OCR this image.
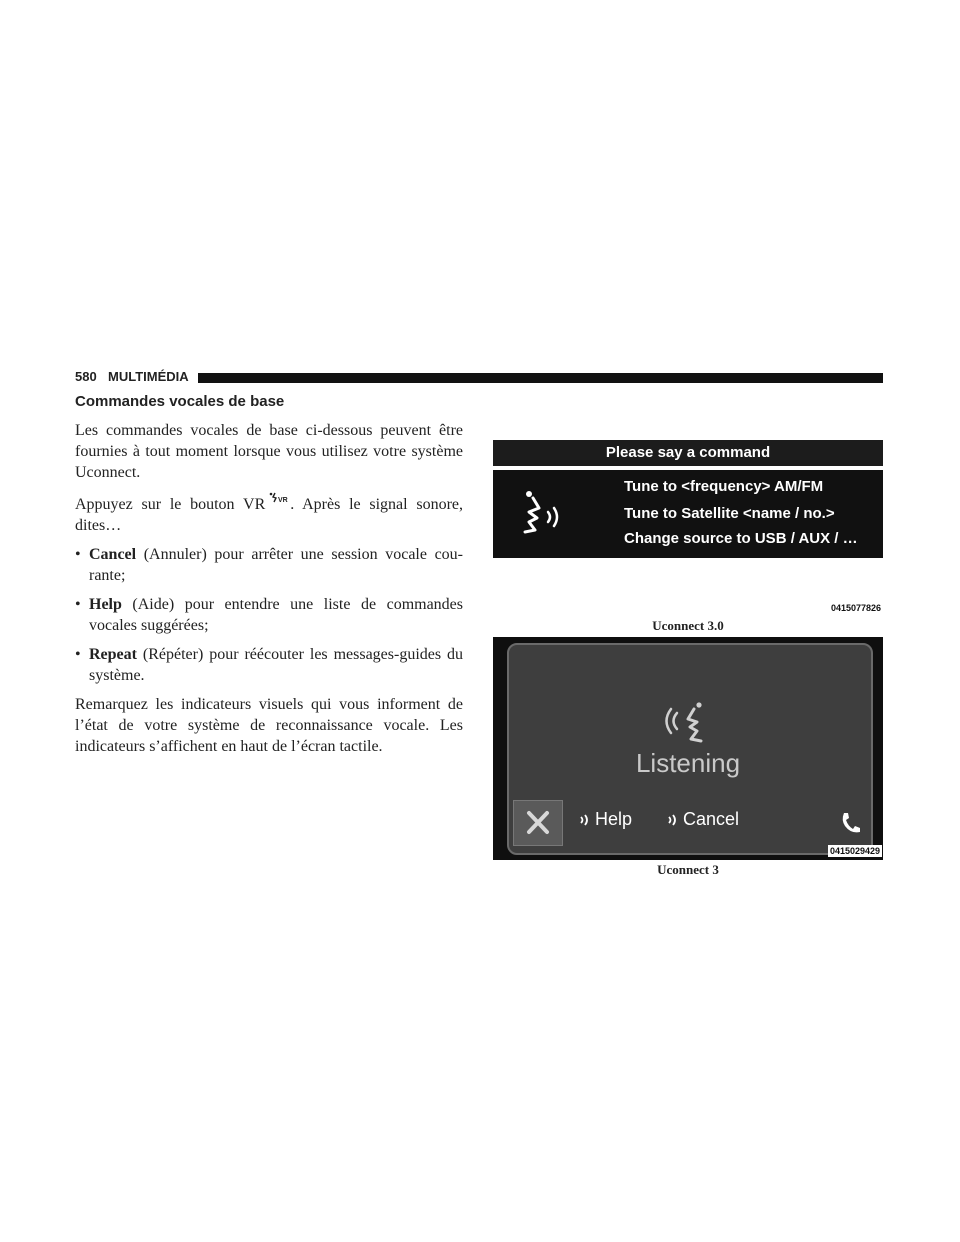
580 MULTIMÉDIA
Commandes vocales de base

Les commandes vocales de base ci-dessous peuvent être fournies à tout moment lorsque vous utilisez votre système Uconnect.

Appuyez sur le bouton VR VR . Après le signal sonore, dites…

• Cancel (Annuler) pour arrêter une session vocale cou-rante;
• Help (Aide) pour entendre une liste de commandes vocales suggérées;
• Repeat (Répéter) pour réécouter les messages-guides du système.

Remarquez les indicateurs visuels qui vous informent de l’état de votre système de reconnaissance vocale. Les indicateurs s’affichent en haut de l’écran tactile.

Please say a command
Tune to <frequency> AM/FM
Tune to Satellite <name / no.>
Change source to USB / AUX / …
0415077826
Uconnect 3.0
Listening
Help	Cancel
0415029429
Uconnect 3
